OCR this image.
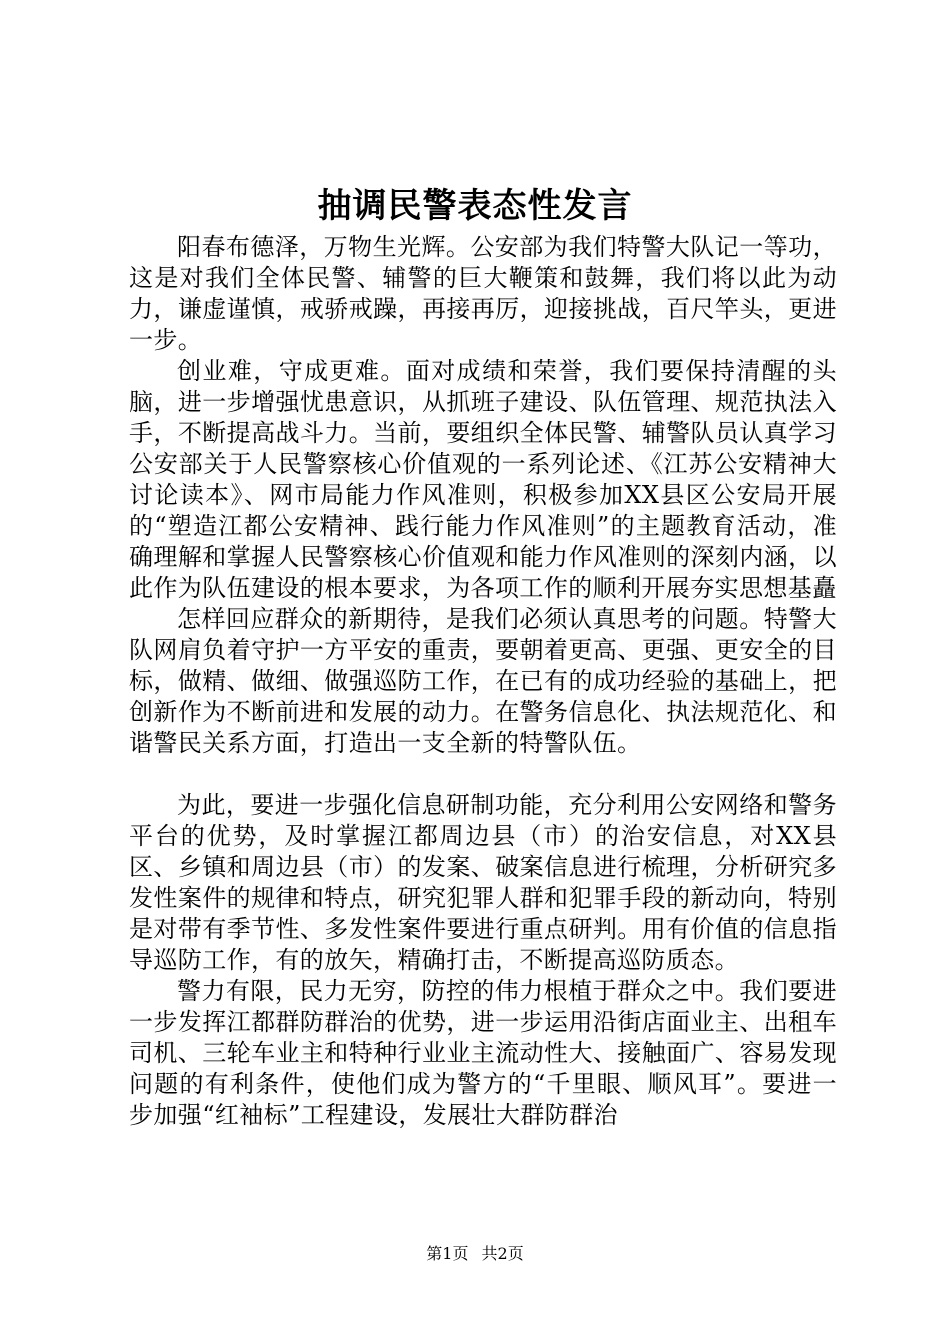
抽调民警表态性发言

阳春布德泽，万物生光辉。公安部为我们特警大队记一等功，这是对我们全体民警、辅警的巨大鞭策和鼓舞，我们将以此为动力，谦虚谨慎，戒骄戒躁，再接再厉，迎接挑战，百尺竿头，更进一步。

创业难，守成更难。面对成绩和荣誉，我们要保持清醒的头脑，进一步增强忧患意识，从抓班子建设、队伍管理、规范执法入手，不断提高战斗力。当前，要组织全体民警、辅警队员认真学习公安部关于人民警察核心价值观的一系列论述、《江苏公安精神大讨论读本》、网市局能力作风准则，积极参加XX县区公安局开展的“塑造江都公安精神、践行能力作风准则”的主题教育活动，准确理解和掌握人民警察核心价值观和能力作风准则的深刻内涵，以此作为队伍建设的根本要求，为各项工作的顺利开展夯实思想基矗

怎样回应群众的新期待，是我们必须认真思考的问题。特警大队网肩负着守护一方平安的重责，要朝着更高、更强、更安全的目标，做精、做细、做强巡防工作，在已有的成功经验的基础上，把创新作为不断前进和发展的动力。在警务信息化、执法规范化、和谐警民关系方面，打造出一支全新的特警队伍。

为此，要进一步强化信息研制功能，充分利用公安网络和警务平台的优势，及时掌握江都周边县（市）的治安信息，对XX县区、乡镇和周边县（市）的发案、破案信息进行梳理，分析研究多发性案件的规律和特点，研究犯罪人群和犯罪手段的新动向，特别是对带有季节性、多发性案件要进行重点研判。用有价值的信息指导巡防工作，有的放矢，精确打击，不断提高巡防质态。

警力有限，民力无穷，防控的伟力根植于群众之中。我们要进一步发挥江都群防群治的优势，进一步运用沿街店面业主、出租车司机、三轮车业主和特种行业业主流动性大、接触面广、容易发现问题的有利条件，使他们成为警方的“千里眼、顺风耳”。要进一步加强“红袖标”工程建设，发展壮大群防群治

第1页 共2页
